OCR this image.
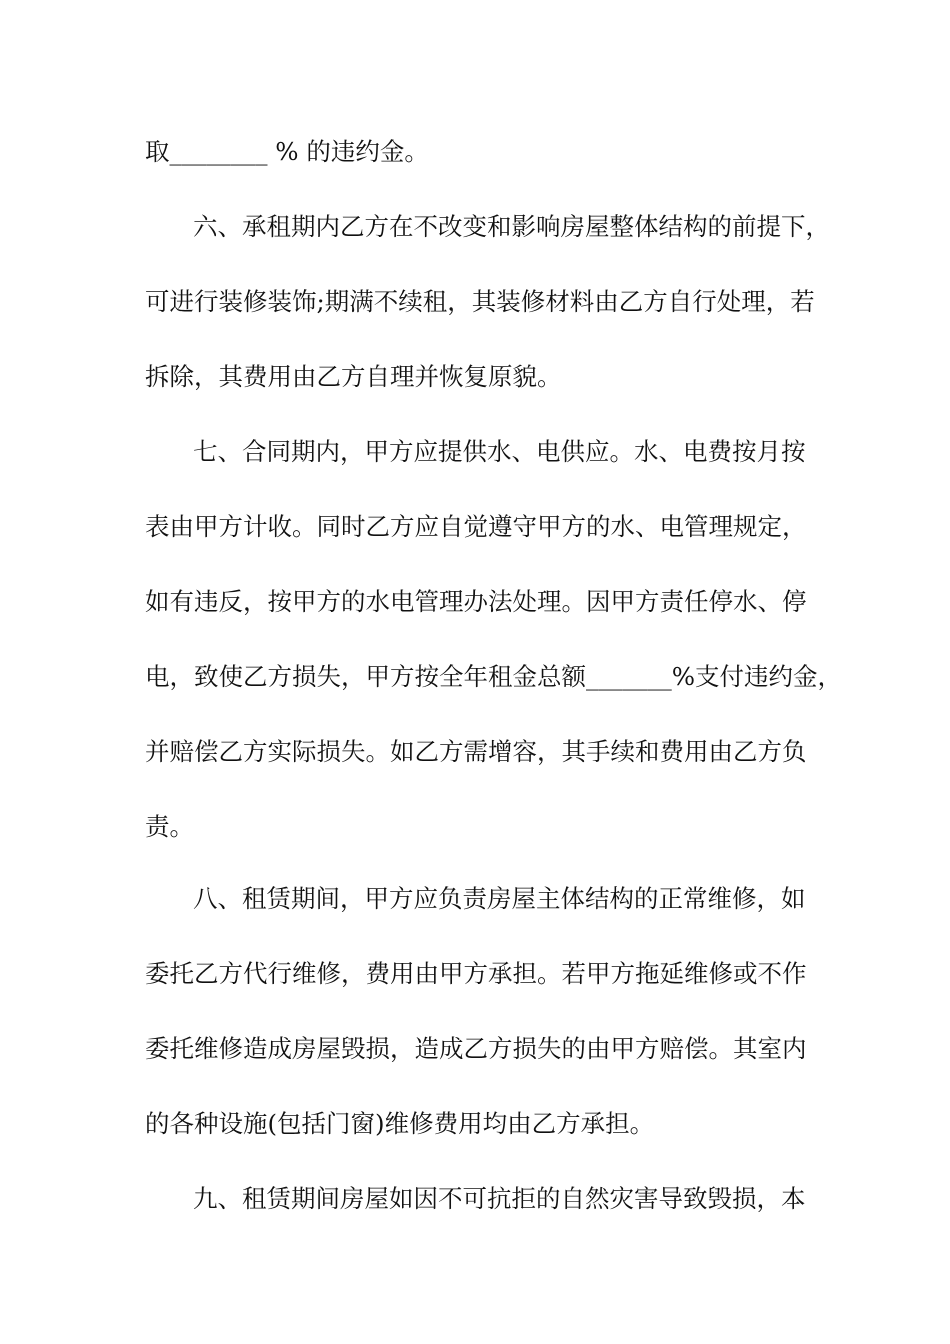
取________ % 的违约金。
六、承租期内乙方在不改变和影响房屋整体结构的前提下，
可进行装修装饰;期满不续租，其装修材料由乙方自行处理，若
拆除，其费用由乙方自理并恢复原貌。
七、合同期内，甲方应提供水、电供应。水、电费按月按
表由甲方计收。同时乙方应自觉遵守甲方的水、电管理规定，
如有违反，按甲方的水电管理办法处理。因甲方责任停水、停
电，致使乙方损失，甲方按全年租金总额_______%支付违约金，
并赔偿乙方实际损失。如乙方需增容，其手续和费用由乙方负
责。
八、租赁期间，甲方应负责房屋主体结构的正常维修，如
委托乙方代行维修，费用由甲方承担。若甲方拖延维修或不作
委托维修造成房屋毁损，造成乙方损失的由甲方赔偿。其室内
的各种设施(包括门窗)维修费用均由乙方承担。
九、租赁期间房屋如因不可抗拒的自然灾害导致毁损，本
